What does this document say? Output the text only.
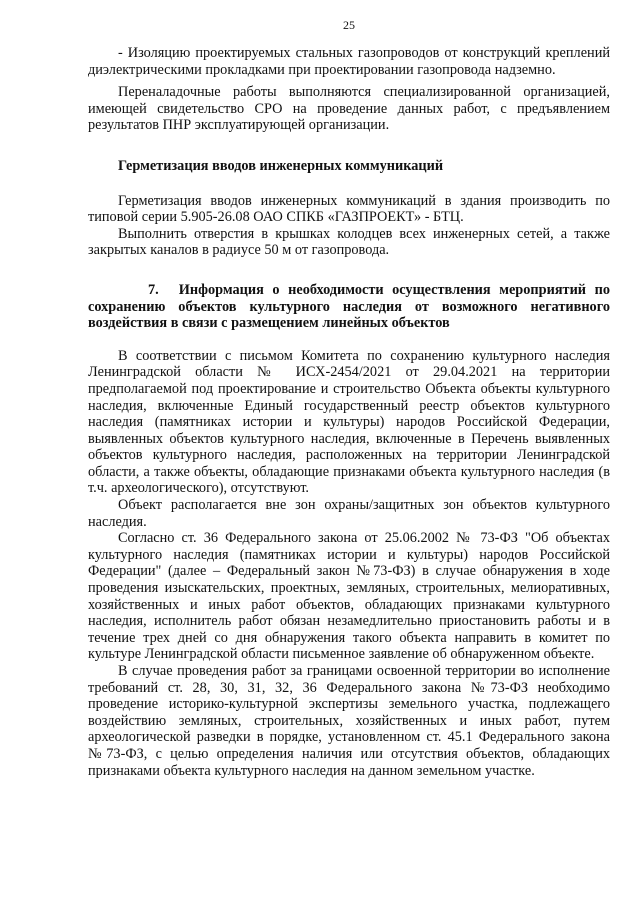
25

- Изоляцию проектируемых стальных газопроводов от конструкций креплений диэлектрическими прокладками при проектировании газопровода надземно.

Переналадочные работы выполняются специализированной организацией, имеющей свидетельство СРО на проведение данных работ, с предъявлением результатов ПНР эксплуатирующей организации.

Герметизация вводов инженерных коммуникаций

Герметизация вводов инженерных коммуникаций в здания производить по типовой серии 5.905-26.08 ОАО СПКБ «ГАЗПРОЕКТ» - БТЦ.

Выполнить отверстия в крышках колодцев всех инженерных сетей, а также закрытых каналов в радиусе 50 м от газопровода.

7. Информация о необходимости осуществления мероприятий по сохранению объектов культурного наследия от возможного негативного воздействия в связи с размещением линейных объектов

В соответствии с письмом Комитета по сохранению культурного наследия Ленинградской области № ИСХ-2454/2021 от 29.04.2021 на территории предполагаемой под проектирование и строительство Объекта объекты культурного наследия, включенные Единый государственный реестр объектов культурного наследия (памятниках истории и культуры) народов Российской Федерации, выявленных объектов культурного наследия, включенные в Перечень выявленных объектов культурного наследия, расположенных на территории Ленинградской области, а также объекты, обладающие признаками объекта культурного наследия (в т.ч. археологического), отсутствуют.

Объект располагается вне зон охраны/защитных зон объектов культурного наследия.

Согласно ст. 36 Федерального закона от 25.06.2002 № 73-ФЗ "Об объектах культурного наследия (памятниках истории и культуры) народов Российской Федерации" (далее – Федеральный закон №73-ФЗ) в случае обнаружения в ходе проведения изыскательских, проектных, земляных, строительных, мелиоративных, хозяйственных и иных работ объектов, обладающих признаками культурного наследия, исполнитель работ обязан незамедлительно приостановить работы и в течение трех дней со дня обнаружения такого объекта направить в комитет по культуре Ленинградской области письменное заявление об обнаруженном объекте.

В случае проведения работ за границами освоенной территории во исполнение требований ст. 28, 30, 31, 32, 36 Федерального закона №73-ФЗ необходимо проведение историко-культурной экспертизы земельного участка, подлежащего воздействию земляных, строительных, хозяйственных и иных работ, путем археологической разведки в порядке, установленном ст. 45.1 Федерального закона №73-ФЗ, с целью определения наличия или отсутствия объектов, обладающих признаками объекта культурного наследия на данном земельном участке.
